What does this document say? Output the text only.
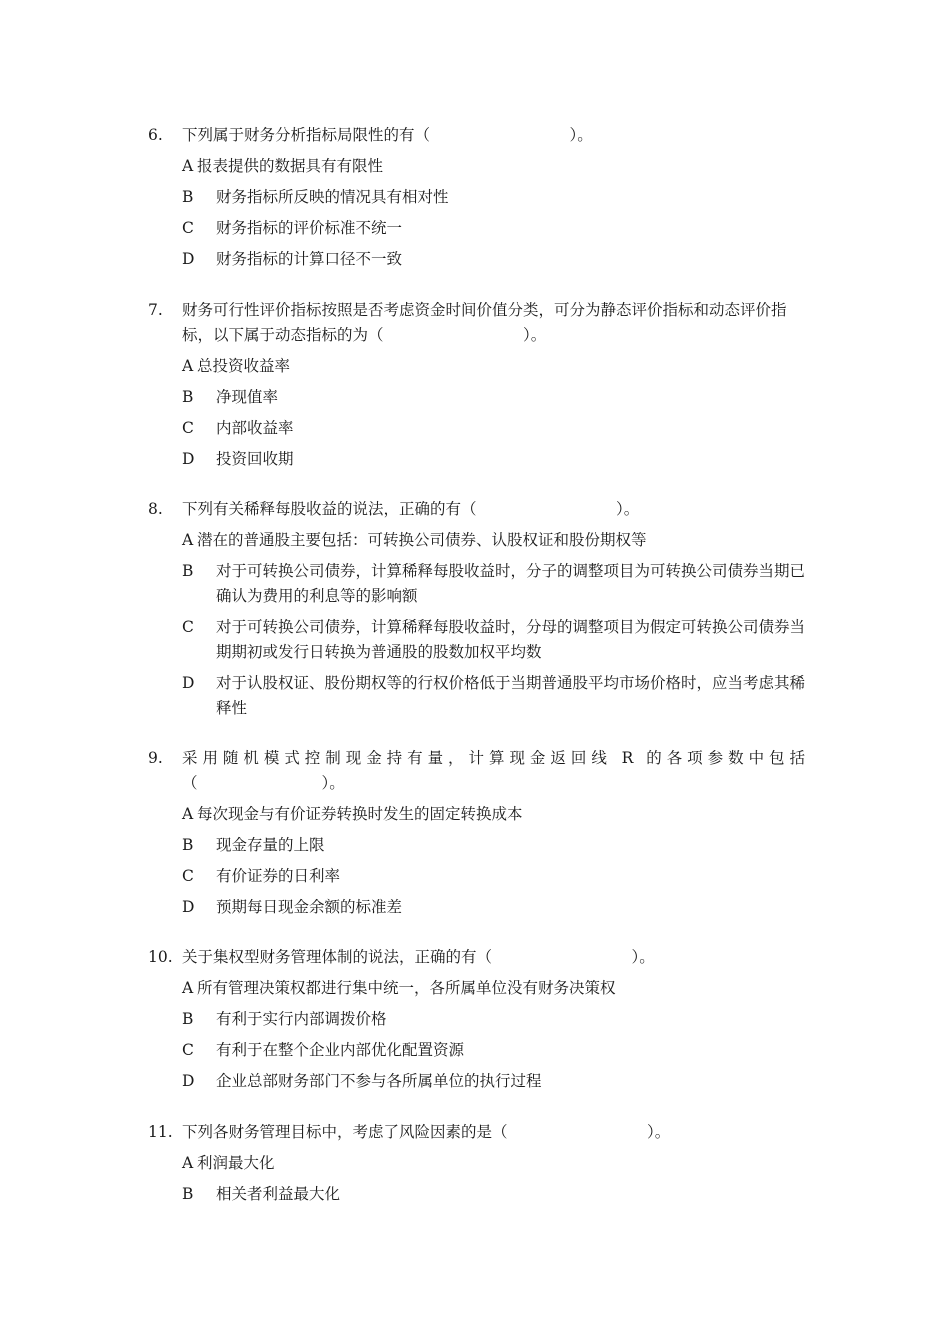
6. 下列属于财务分析指标局限性的有（　　　　　　　　　）。
A 报表提供的数据具有有限性
B	财务指标所反映的情况具有相对性
C	财务指标的评价标准不统一
D	财务指标的计算口径不一致
7. 财务可行性评价指标按照是否考虑资金时间价值分类，可分为静态评价指标和动态评价指标，以下属于动态指标的为（　　　　　　　　　）。
A 总投资收益率
B	净现值率
C	内部收益率
D	投资回收期
8. 下列有关稀释每股收益的说法，正确的有（　　　　　　　　　）。
A 潜在的普通股主要包括：可转换公司债券、认股权证和股份期权等
B	对于可转换公司债券，计算稀释每股收益时，分子的调整项目为可转换公司债券当期已确认为费用的利息等的影响额
C	对于可转换公司债券，计算稀释每股收益时，分母的调整项目为假定可转换公司债券当期期初或发行日转换为普通股的股数加权平均数
D	对于认股权证、股份期权等的行权价格低于当期普通股平均市场价格时，应当考虑其稀释性
9. 采用随机模式控制现金持有量，计算现金返回线 R 的各项参数中包括
（　　　　　　　　）。
A 每次现金与有价证券转换时发生的固定转换成本
B	现金存量的上限
C	有价证券的日利率
D	预期每日现金余额的标准差
10. 关于集权型财务管理体制的说法，正确的有（　　　　　　　　　）。
A 所有管理决策权都进行集中统一，各所属单位没有财务决策权
B	有利于实行内部调拨价格
C	有利于在整个企业内部优化配置资源
D	企业总部财务部门不参与各所属单位的执行过程
11. 下列各财务管理目标中，考虑了风险因素的是（　　　　　　　　　）。
A 利润最大化
B	相关者利益最大化
